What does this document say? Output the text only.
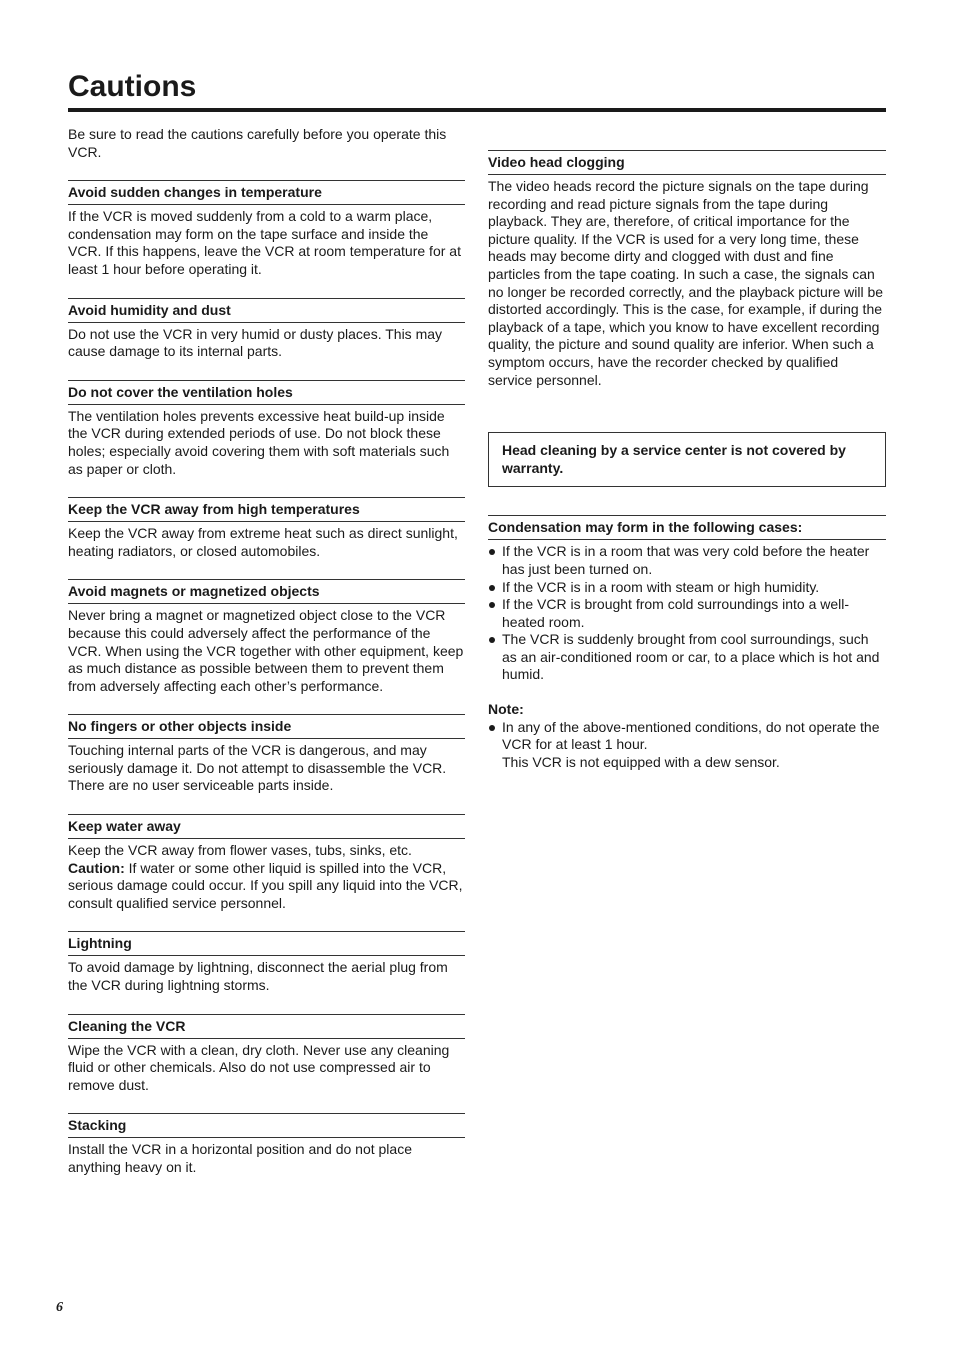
Cautions

Be sure to read the cautions carefully before you operate this VCR.

Avoid sudden changes in temperature

If the VCR is moved suddenly from a cold to a warm place, condensation may form on the tape surface and inside the VCR. If this happens, leave the VCR at room temperature for at least 1 hour before operating it.

Avoid humidity and dust

Do not use the VCR in very humid or dusty places. This may cause damage to its internal parts.

Do not cover the ventilation holes

The ventilation holes prevents excessive heat build-up inside the VCR during extended periods of use. Do not block these holes; especially avoid covering them with soft materials such as paper or cloth.

Keep the VCR away from high temperatures

Keep the VCR away from extreme heat such as direct sunlight, heating radiators, or closed automobiles.

Avoid magnets or magnetized objects

Never bring a magnet or magnetized object close to the VCR because this could adversely affect the performance of the VCR. When using the VCR together with other equipment, keep as much distance as possible between them to prevent them from adversely affecting each other’s performance.

No fingers or other objects inside

Touching internal parts of the VCR is dangerous, and may seriously damage it. Do not attempt to disassemble the VCR. There are no user serviceable parts inside.

Keep water away

Keep the VCR away from flower vases, tubs, sinks, etc.
Caution: If water or some other liquid is spilled into the VCR, serious damage could occur. If you spill any liquid into the VCR, consult qualified service personnel.

Lightning

To avoid damage by lightning, disconnect the aerial plug from the VCR during lightning storms.

Cleaning the VCR

Wipe the VCR with a clean, dry cloth. Never use any cleaning fluid or other chemicals. Also do not use compressed air to remove dust.

Stacking

Install the VCR in a horizontal position and do not place anything heavy on it.

Video head clogging

The video heads record the picture signals on the tape during recording and read picture signals from the tape during playback. They are, therefore, of critical importance for the picture quality. If the VCR is used for a very long time, these heads may become dirty and clogged with dust and fine particles from the tape coating. In such a case, the signals can no longer be recorded correctly, and the playback picture will be distorted accordingly. This is the case, for example, if during the playback of a tape, which you know to have excellent recording quality, the picture and sound quality are inferior. When such a symptom occurs, have the recorder checked by qualified service personnel.

Head cleaning by a service center is not covered by warranty.
Condensation may form in the following cases:
If the VCR is in a room that was very cold before the heater has just been turned on.
If the VCR is in a room with steam or high humidity.
If the VCR is brought from cold surroundings into a well-heated room.
The VCR is suddenly brought from cool surroundings, such as an air-conditioned room or car, to a place which is hot and humid.
Note:
In any of the above-mentioned conditions, do not operate the VCR for at least 1 hour.
This VCR is not equipped with a dew sensor.
6
